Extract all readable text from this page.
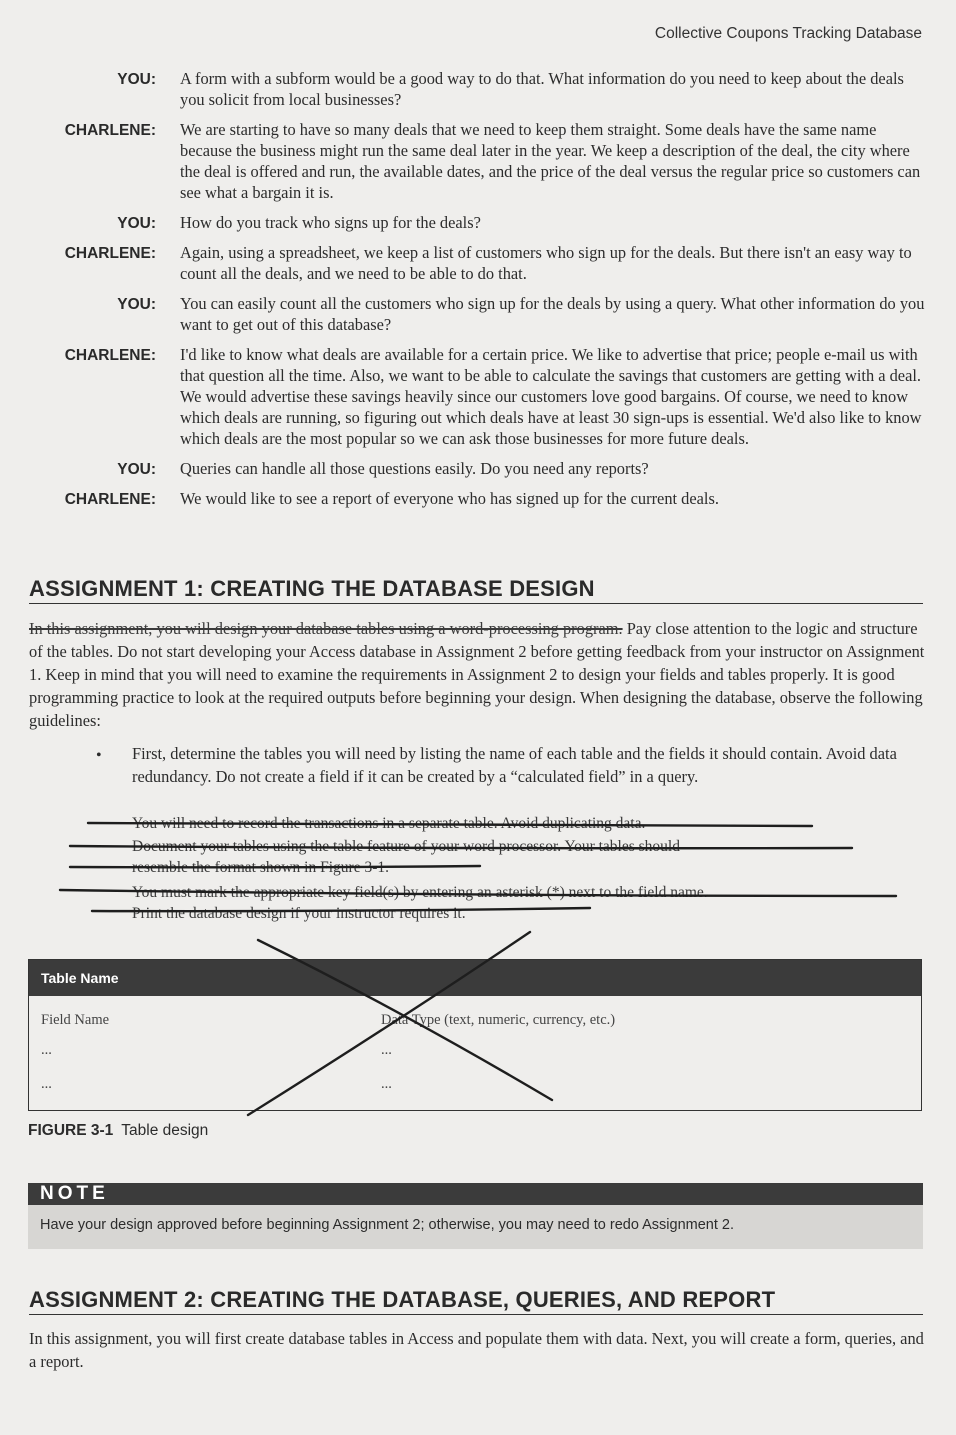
Collective Coupons Tracking Database
YOU: A form with a subform would be a good way to do that. What information do you need to keep about the deals you solicit from local businesses?
CHARLENE: We are starting to have so many deals that we need to keep them straight. Some deals have the same name because the business might run the same deal later in the year. We keep a description of the deal, the city where the deal is offered and run, the available dates, and the price of the deal versus the regular price so customers can see what a bargain it is.
YOU: How do you track who signs up for the deals?
CHARLENE: Again, using a spreadsheet, we keep a list of customers who sign up for the deals. But there isn't an easy way to count all the deals, and we need to be able to do that.
YOU: You can easily count all the customers who sign up for the deals by using a query. What other information do you want to get out of this database?
CHARLENE: I'd like to know what deals are available for a certain price. We like to advertise that price; people e-mail us with that question all the time. Also, we want to be able to calculate the savings that customers are getting with a deal. We would advertise these savings heavily since our customers love good bargains. Of course, we need to know which deals are running, so figuring out which deals have at least 30 sign-ups is essential. We'd also like to know which deals are the most popular so we can ask those businesses for more future deals.
YOU: Queries can handle all those questions easily. Do you need any reports?
CHARLENE: We would like to see a report of everyone who has signed up for the current deals.
ASSIGNMENT 1: CREATING THE DATABASE DESIGN

In this assignment, you will design your database tables using a word-processing program. Pay close attention to the logic and structure of the tables. Do not start developing your Access database in Assignment 2 before getting feedback from your instructor on Assignment 1. Keep in mind that you will need to examine the requirements in Assignment 2 to design your fields and tables properly. It is good programming practice to look at the required outputs before beginning your design. When designing the database, observe the following guidelines:

• First, determine the tables you will need by listing the name of each table and the fields it should contain. Avoid data redundancy. Do not create a field if it can be created by a “calculated field” in a query.
You will need to record the transactions in a separate table. Avoid duplicating data.
Document your tables using the table feature of your word processor. Your tables should
resemble the format shown in Figure 3-1.
You must mark the appropriate key field(s) by entering an asterisk (*) next to the field name.
Print the database design if your instructor requires it.
Table Name
Field Name	Data Type (text, numeric, currency, etc.)
...	...
...	...
FIGURE 3-1 Table design
NOTE
Have your design approved before beginning Assignment 2; otherwise, you may need to redo Assignment 2.
ASSIGNMENT 2: CREATING THE DATABASE, QUERIES, AND REPORT

In this assignment, you will first create database tables in Access and populate them with data. Next, you will create a form, queries, and a report.
